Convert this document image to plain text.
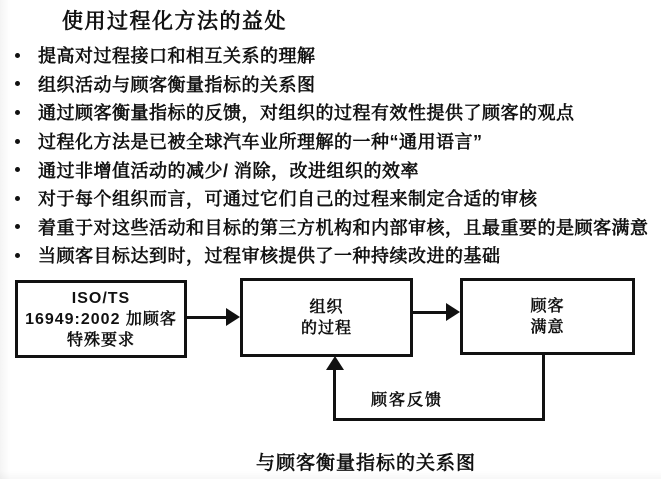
使用过程化方法的益处
提高对过程接口和相互关系的理解
组织活动与顾客衡量指标的关系图
通过顾客衡量指标的反馈，对组织的过程有效性提供了顾客的观点
过程化方法是已被全球汽车业所理解的一种“通用语言”
通过非增值活动的减少/ 消除，改进组织的效率
对于每个组织而言，可通过它们自己的过程来制定合适的审核
着重于对这些活动和目标的第三方机构和内部审核，且最重要的是顾客满意
当顾客目标达到时，过程审核提供了一种持续改进的基础
ISO/TS
16949:2002 加顾客
特殊要求
组织
的过程
顾客
满意
顾客反馈
与顾客衡量指标的关系图
